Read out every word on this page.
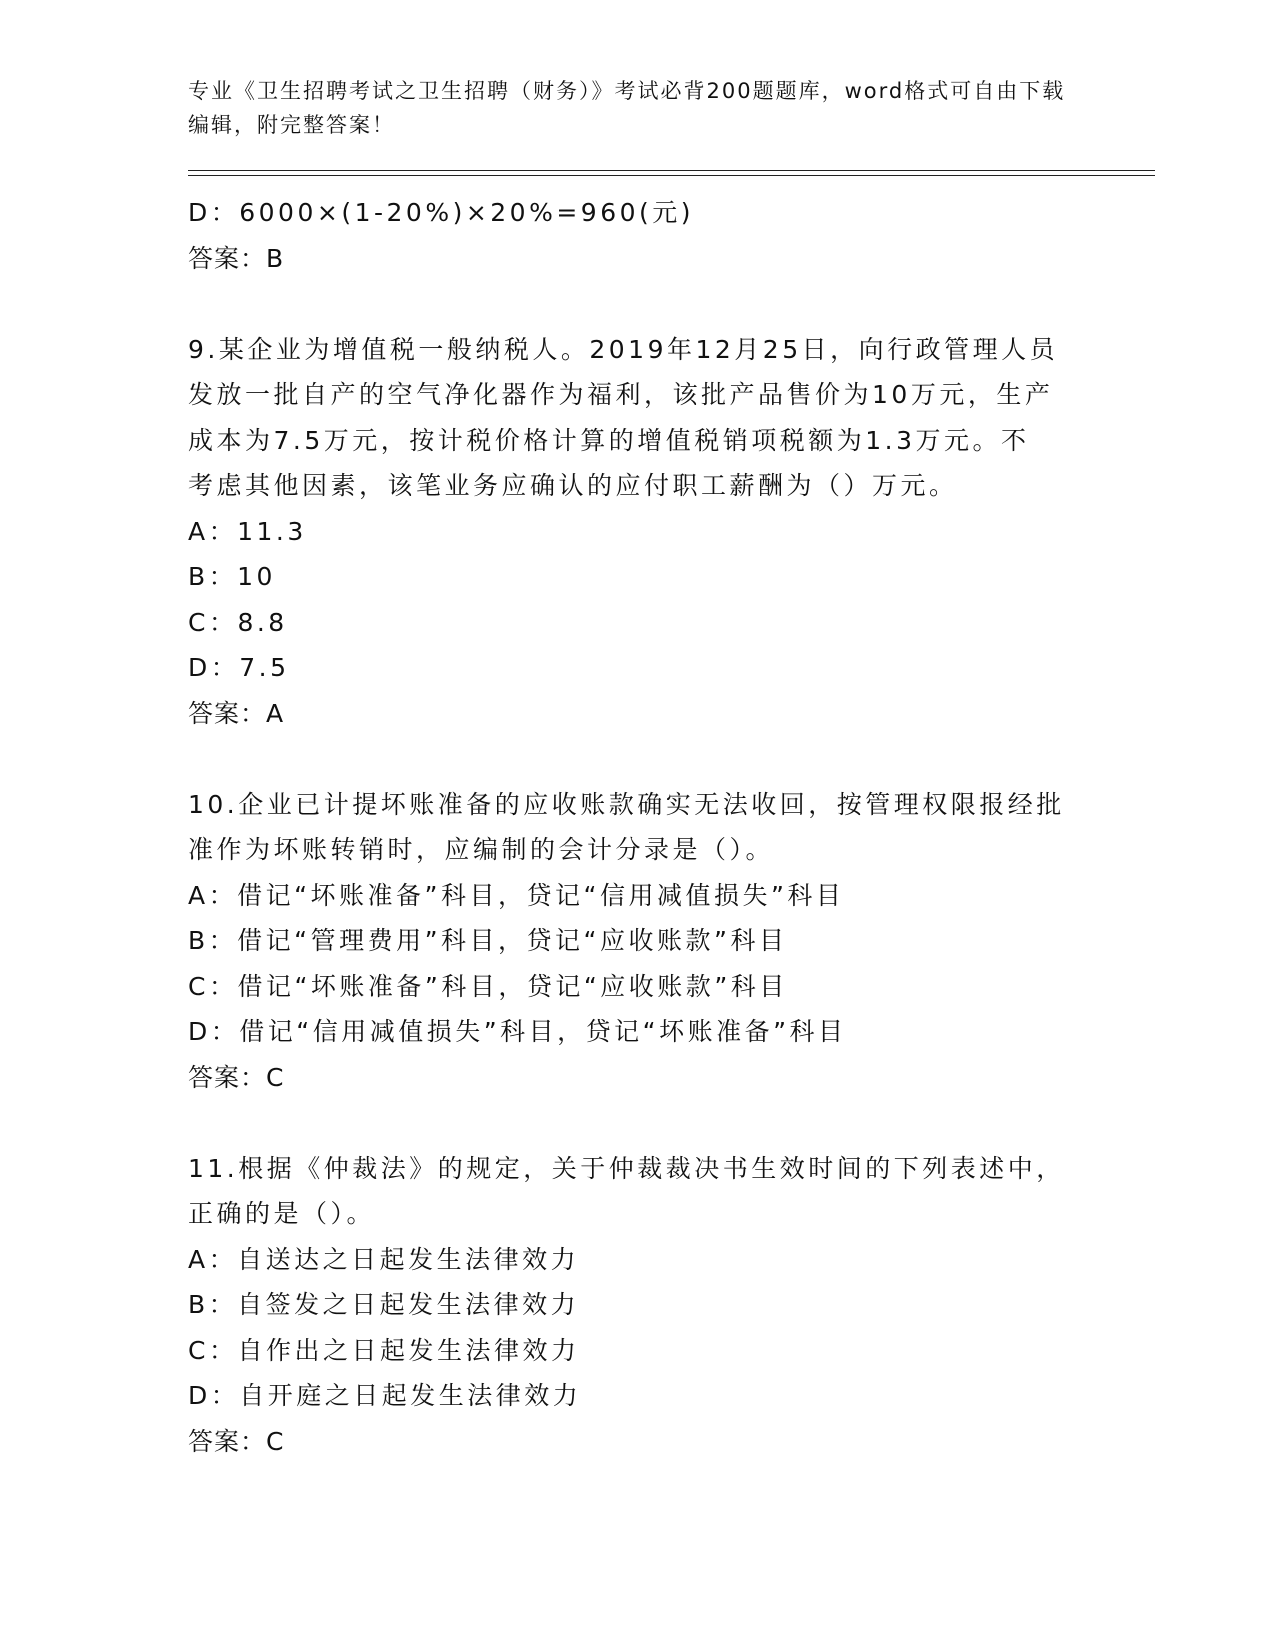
专业《卫生招聘考试之卫生招聘（财务）》考试必背200题题库，word格式可自由下载编辑，附完整答案！
D：6000×(1-20%)×20%=960(元)
答案：B
9.某企业为增值税一般纳税人。2019年12月25日，向行政管理人员
发放一批自产的空气净化器作为福利，该批产品售价为10万元，生产
成本为7.5万元，按计税价格计算的增值税销项税额为1.3万元。不
考虑其他因素，该笔业务应确认的应付职工薪酬为（）万元。
A：11.3
B：10
C：8.8
D：7.5
答案：A
10.企业已计提坏账准备的应收账款确实无法收回，按管理权限报经批
准作为坏账转销时，应编制的会计分录是（）。
A：借记“坏账准备”科目，贷记“信用减值损失”科目
B：借记“管理费用”科目，贷记“应收账款”科目
C：借记“坏账准备”科目，贷记“应收账款”科目
D：借记“信用减值损失”科目，贷记“坏账准备”科目
答案：C
11.根据《仲裁法》的规定，关于仲裁裁决书生效时间的下列表述中，
正确的是（）。
A：自送达之日起发生法律效力
B：自签发之日起发生法律效力
C：自作出之日起发生法律效力
D：自开庭之日起发生法律效力
答案：C
